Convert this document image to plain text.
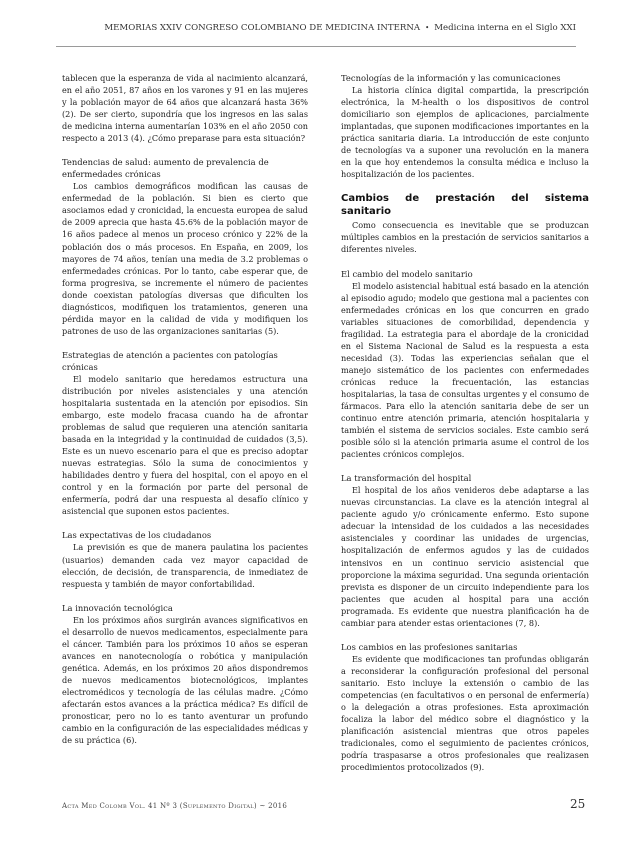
MEMORIAS XXIV CONGRESO COLOMBIANO DE MEDICINA INTERNA • Medicina interna en el Siglo XXI

tablecen que la esperanza de vida al nacimiento alcanzará, en el año 2051, 87 años en los varones y 91 en las mujeres y la población mayor de 64 años que alcanzará hasta 36% (2). De ser cierto, supondría que los ingresos en las salas de medicina interna aumentarían 103% en el año 2050 con respecto a 2013 (4). ¿Cómo preparase para esta situación?

Tendencias de salud: aumento de prevalencia de enfermedades crónicas

Los cambios demográficos modifican las causas de enfermedad de la población. Si bien es cierto que asociamos edad y cronicidad, la encuesta europea de salud de 2009 aprecia que hasta 45.6% de la población mayor de 16 años padece al menos un proceso crónico y 22% de la población dos o más procesos. En España, en 2009, los mayores de 74 años, tenían una media de 3.2 problemas o enfermedades crónicas. Por lo tanto, cabe esperar que, de forma progresiva, se incremente el número de pacientes donde coexistan patologías diversas que dificulten los diagnósticos, modifiquen los tratamientos, generen una pérdida mayor en la calidad de vida y modifiquen los patrones de uso de las organizaciones sanitarias (5).

Estrategias de atención a pacientes con patologías crónicas

El modelo sanitario que heredamos estructura una distribución por niveles asistenciales y una atención hospitalaria sustentada en la atención por episodios. Sin embargo, este modelo fracasa cuando ha de afrontar problemas de salud que requieren una atención sanitaria basada en la integridad y la continuidad de cuidados (3,5). Este es un nuevo escenario para el que es preciso adoptar nuevas estrategias. Sólo la suma de conocimientos y habilidades dentro y fuera del hospital, con el apoyo en el control y en la formación por parte del personal de enfermería, podrá dar una respuesta al desafío clínico y asistencial que suponen estos pacientes.

Las expectativas de los ciudadanos

La previsión es que de manera paulatina los pacientes (usuarios) demanden cada vez mayor capacidad de elección, de decisión, de transparencia, de inmediatez de respuesta y también de mayor confortabilidad.

La innovación tecnológica

En los próximos años surgirán avances significativos en el desarrollo de nuevos medicamentos, especialmente para el cáncer. También para los próximos 10 años se esperan avances en nanotecnología o robótica y manipulación genética. Además, en los próximos 20 años dispondremos de nuevos medicamentos biotecnológicos, implantes electromédicos y tecnología de las células madre. ¿Cómo afectarán estos avances a la práctica médica? Es difícil de pronosticar, pero no lo es tanto aventurar un profundo cambio en la configuración de las especialidades médicas y de su práctica (6).

Tecnologías de la información y las comunicaciones

La historia clínica digital compartida, la prescripción electrónica, la M-health o los dispositivos de control domiciliario son ejemplos de aplicaciones, parcialmente implantadas, que suponen modificaciones importantes en la práctica sanitaria diaria. La introducción de este conjunto de tecnologías va a suponer una revolución en la manera en la que hoy entendemos la consulta médica e incluso la hospitalización de los pacientes.

Cambios de prestación del sistema sanitario

Como consecuencia es inevitable que se produzcan múltiples cambios en la prestación de servicios sanitarios a diferentes niveles.

El cambio del modelo sanitario

El modelo asistencial habitual está basado en la atención al episodio agudo; modelo que gestiona mal a pacientes con enfermedades crónicas en los que concurren en grado variables situaciones de comorbilidad, dependencia y fragilidad. La estrategia para el abordaje de la cronicidad en el Sistema Nacional de Salud es la respuesta a esta necesidad (3). Todas las experiencias señalan que el manejo sistemático de los pacientes con enfermedades crónicas reduce la frecuentación, las estancias hospitalarias, la tasa de consultas urgentes y el consumo de fármacos. Para ello la atención sanitaria debe de ser un continuo entre atención primaria, atención hospitalaria y también el sistema de servicios sociales. Este cambio será posible sólo si la atención primaria asume el control de los pacientes crónicos complejos.

La transformación del hospital

El hospital de los años venideros debe adaptarse a las nuevas circunstancias. La clave es la atención integral al paciente agudo y/o crónicamente enfermo. Esto supone adecuar la intensidad de los cuidados a las necesidades asistenciales y coordinar las unidades de urgencias, hospitalización de enfermos agudos y las de cuidados intensivos en un continuo servicio asistencial que proporcione la máxima seguridad. Una segunda orientación prevista es disponer de un circuito independiente para los pacientes que acuden al hospital para una acción programada. Es evidente que nuestra planificación ha de cambiar para atender estas orientaciones (7, 8).

Los cambios en las profesiones sanitarias

Es evidente que modificaciones tan profundas obligarán a reconsiderar la configuración profesional del personal sanitario. Esto incluye la extensión o cambio de las competencias (en facultativos o en personal de enfermería) o la delegación a otras profesiones. Esta aproximación focaliza la labor del médico sobre el diagnóstico y la planificación asistencial mientras que otros papeles tradicionales, como el seguimiento de pacientes crónicos, podría traspasarse a otros profesionales que realizasen procedimientos protocolizados (9).

Acta Med Colomb Vol. 41 Nº 3 (Suplemento Digital) ~ 2016	25
